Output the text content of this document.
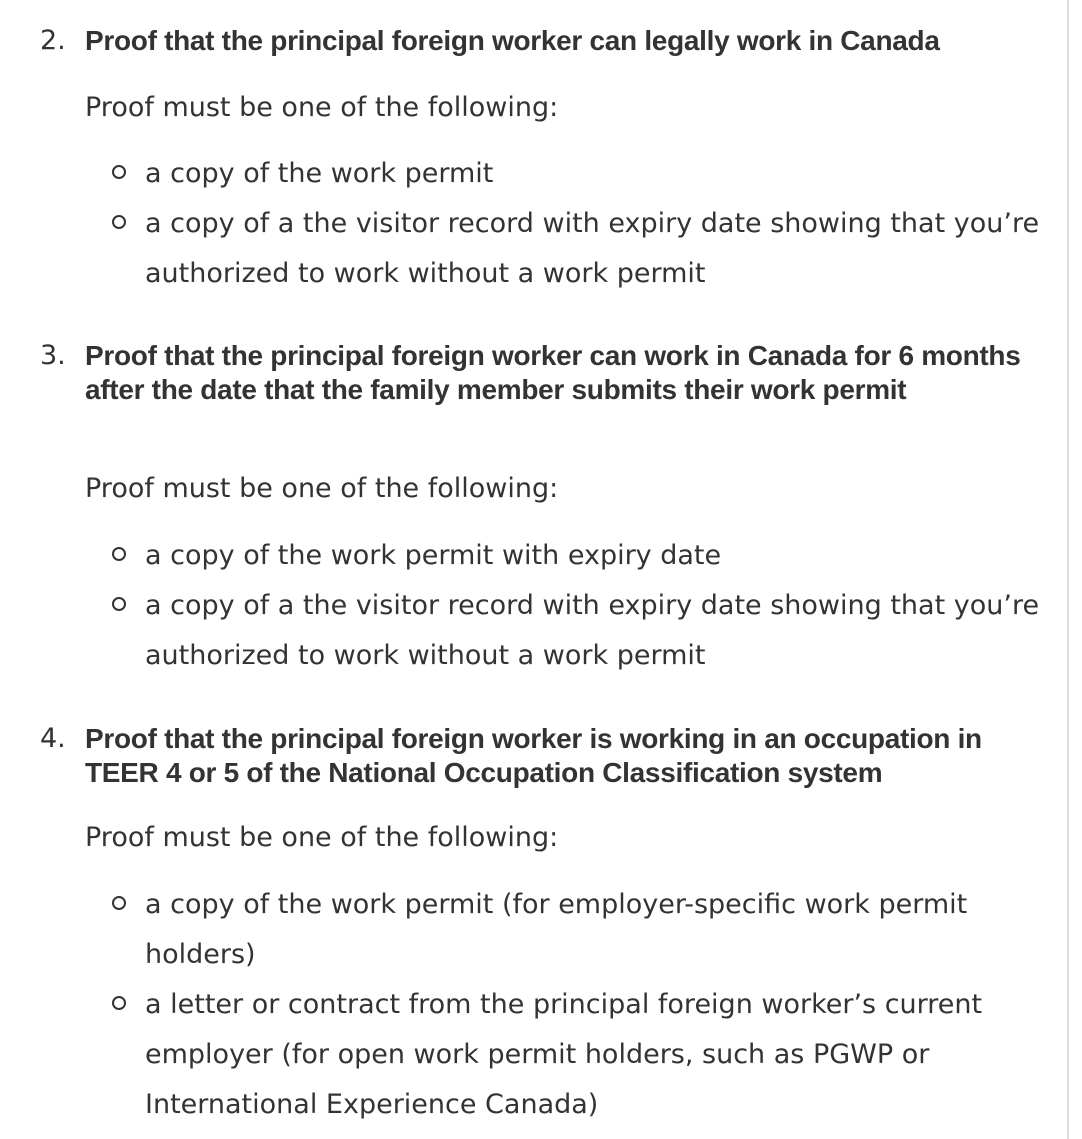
2. Proof that the principal foreign worker can legally work in Canada
Proof must be one of the following:
a copy of the work permit
a copy of a the visitor record with expiry date showing that you’re authorized to work without a work permit
3. Proof that the principal foreign worker can work in Canada for 6 months after the date that the family member submits their work permit
Proof must be one of the following:
a copy of the work permit with expiry date
a copy of a the visitor record with expiry date showing that you’re authorized to work without a work permit
4. Proof that the principal foreign worker is working in an occupation in TEER 4 or 5 of the National Occupation Classification system
Proof must be one of the following:
a copy of the work permit (for employer-specific work permit holders)
a letter or contract from the principal foreign worker’s current employer (for open work permit holders, such as PGWP or International Experience Canada)
